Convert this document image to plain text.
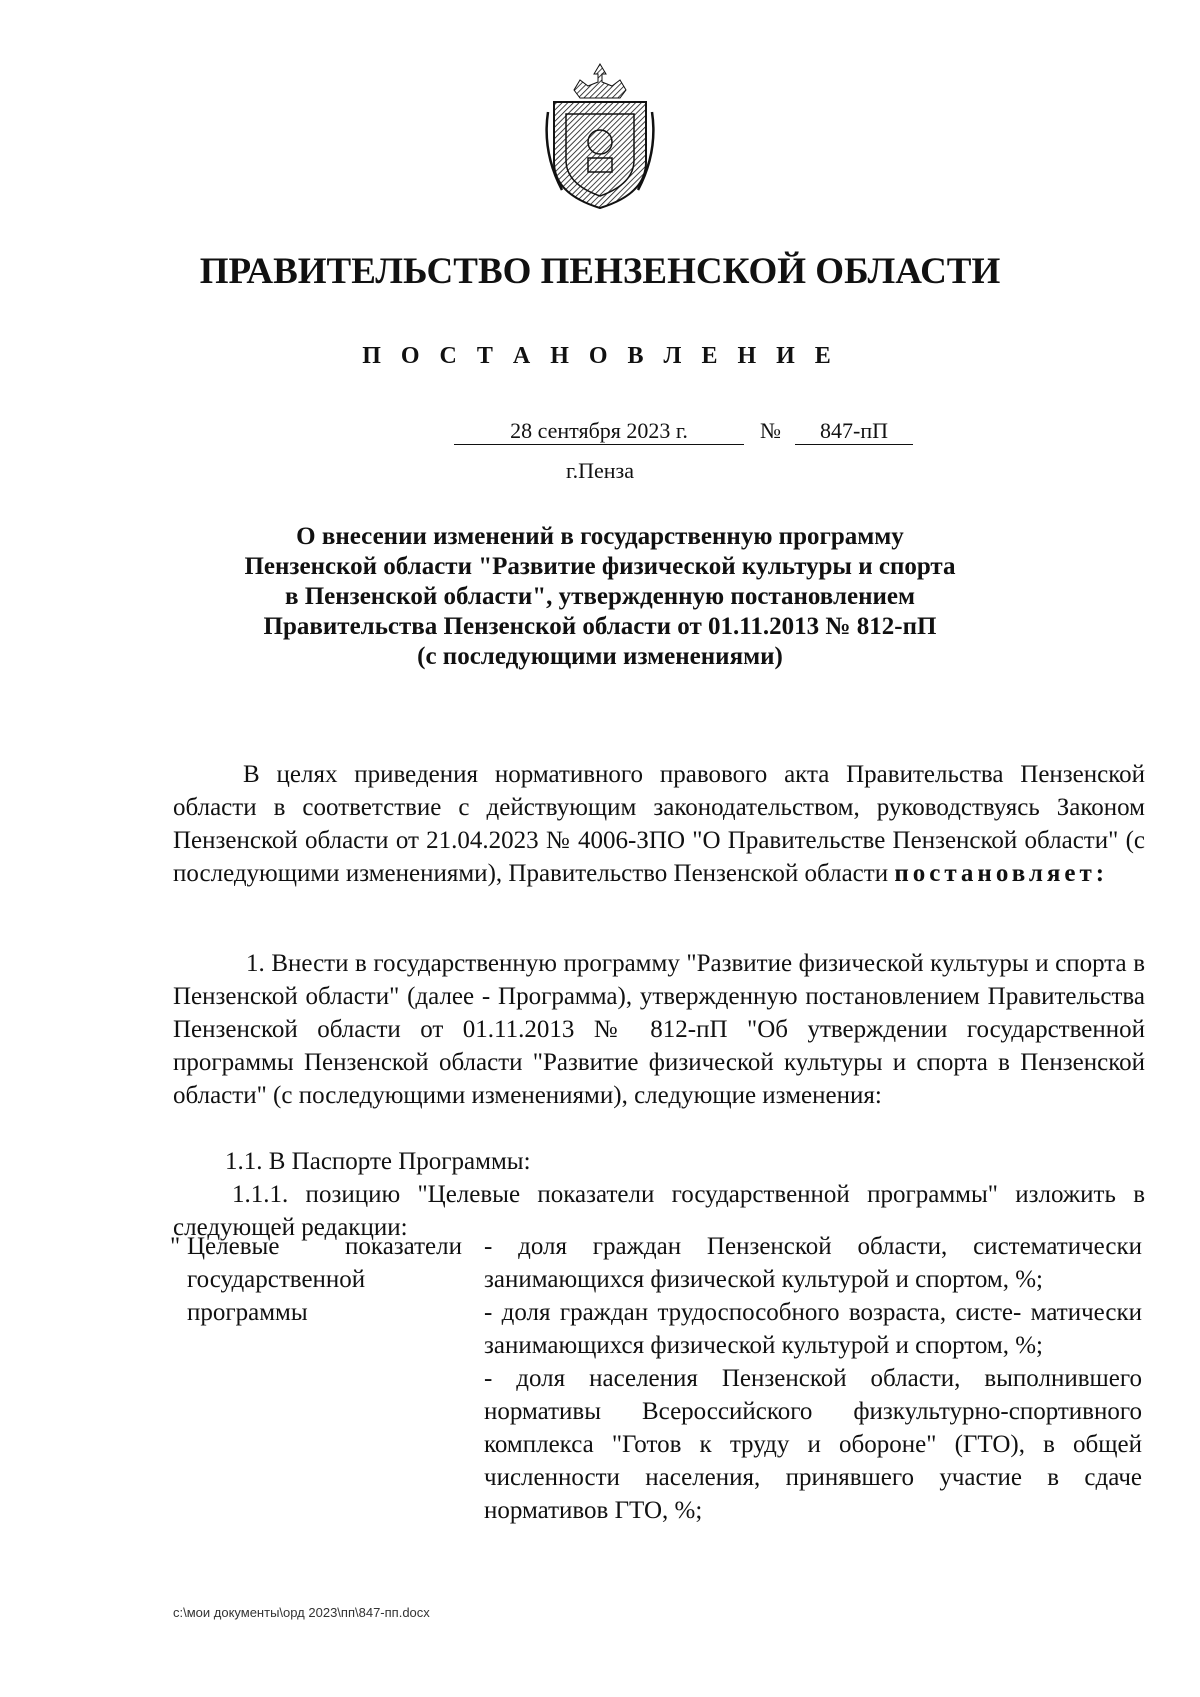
ПРАВИТЕЛЬСТВО ПЕНЗЕНСКОЙ ОБЛАСТИ
П О С Т А Н О В Л Е Н И Е
28 сентября 2023 г.	№ 847-пП
г.Пенза
О внесении изменений в государственную программу
Пензенской области "Развитие физической культуры и спорта
в Пензенской области", утвержденную постановлением
Правительства Пензенской области от 01.11.2013 № 812-пП
(с последующими изменениями)
В целях приведения нормативного правового акта Правительства Пензенской области в соответствие с действующим законодательством, руководствуясь Законом Пензенской области от 21.04.2023 № 4006-ЗПО "О Правительстве Пензенской области" (с последующими изменениями), Правительство Пензенской области постановляет:

1. Внести в государственную программу "Развитие физической культуры и спорта в Пензенской области" (далее - Программа), утвержденную постановлением Правительства Пензенской области от 01.11.2013 № 812-пП "Об утверждении государственной программы Пензенской области "Развитие физической культуры и спорта в Пензенской области" (с последующими изменениями), следующие изменения:

1.1. В Паспорте Программы:

1.1.1. позицию "Целевые показатели государственной программы" изложить в следующей редакции:

" Целевые показатели
государственной программы

- доля граждан Пензенской области, систематически занимающихся физической культурой и спортом, %;

- доля граждан трудоспособного возраста, систе- матически занимающихся физической культурой и спортом, %;

- доля населения Пензенской области, выполнившего нормативы Всероссийского физкультурно-спортивного комплекса "Готов к труду и обороне" (ГТО), в общей численности населения, принявшего участие в сдаче нормативов ГТО, %;

c:\мои документы\орд 2023\пп\847-пп.docx
